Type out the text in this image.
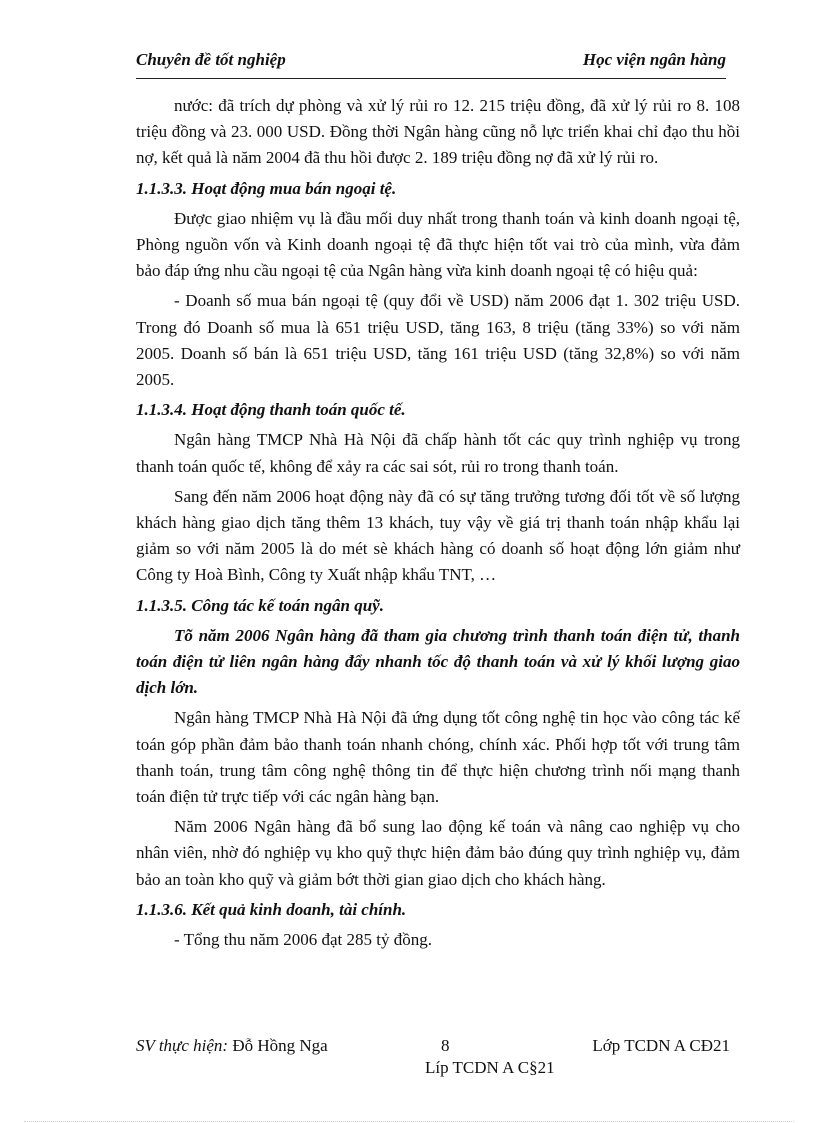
Chuyên đề tốt nghiệp	Học viện ngân hàng

nước: đã trích dự phòng và xử lý rủi ro 12. 215 triệu đồng, đã xử lý rủi ro 8. 108 triệu đồng và 23. 000 USD. Đồng thời Ngân hàng cũng nỗ lực triển khai chỉ đạo thu hồi nợ, kết quả là năm 2004 đã thu hồi được 2. 189 triệu đồng nợ đã xử lý rủi ro.

1.1.3.3. Hoạt động mua bán ngoại tệ.

Được giao nhiệm vụ là đầu mối duy nhất trong thanh toán và kinh doanh ngoại tệ, Phòng nguồn vốn và Kinh doanh ngoại tệ đã thực hiện tốt vai trò của mình, vừa đảm bảo đáp ứng nhu cầu ngoại tệ của Ngân hàng vừa kinh doanh ngoại tệ có hiệu quả:

- Doanh số mua bán ngoại tệ (quy đổi về USD) năm 2006 đạt 1. 302 triệu USD. Trong đó Doanh số mua là 651 triệu USD, tăng 163, 8 triệu (tăng 33%) so với năm 2005. Doanh số bán là 651 triệu USD, tăng 161 triệu USD (tăng 32,8%) so với năm 2005.

1.1.3.4. Hoạt động thanh toán quốc tế.

Ngân hàng TMCP Nhà Hà Nội đã chấp hành tốt các quy trình nghiệp vụ trong thanh toán quốc tế, không để xảy ra các sai sót, rủi ro trong thanh toán.

Sang đến năm 2006 hoạt động này đã có sự tăng trưởng tương đối tốt về số lượng khách hàng giao dịch tăng thêm 13 khách, tuy vậy về giá trị thanh toán nhập khẩu lại giảm so với năm 2005 là do mét sè khách hàng có doanh số hoạt động lớn giảm như Công ty Hoà Bình, Công ty Xuất nhập khẩu TNT, …

1.1.3.5. Công tác kế toán ngân quỹ.

Tõ năm 2006 Ngân hàng đã tham gia chương trình thanh toán điện tử, thanh toán điện tử liên ngân hàng đẩy nhanh tốc độ thanh toán và xử lý khối lượng giao dịch lớn.

Ngân hàng TMCP Nhà Hà Nội đã ứng dụng tốt công nghệ tin học vào công tác kế toán góp phần đảm bảo thanh toán nhanh chóng, chính xác. Phối hợp tốt với trung tâm thanh toán, trung tâm công nghệ thông tin để thực hiện chương trình nối mạng thanh toán điện tử trực tiếp với các ngân hàng bạn.

Năm 2006 Ngân hàng đã bổ sung lao động kế toán và nâng cao nghiệp vụ cho nhân viên, nhờ đó nghiệp vụ kho quỹ thực hiện đảm bảo đúng quy trình nghiệp vụ, đảm bảo an toàn kho quỹ và giảm bớt thời gian giao dịch cho khách hàng.

1.1.3.6. Kết quả kinh doanh, tài chính.

- Tổng thu năm 2006 đạt 285 tỷ đồng.

SV thực hiện: Đỗ Hồng Nga	8	Lớp TCDN A CĐ21
Líp TCDN A C§21
